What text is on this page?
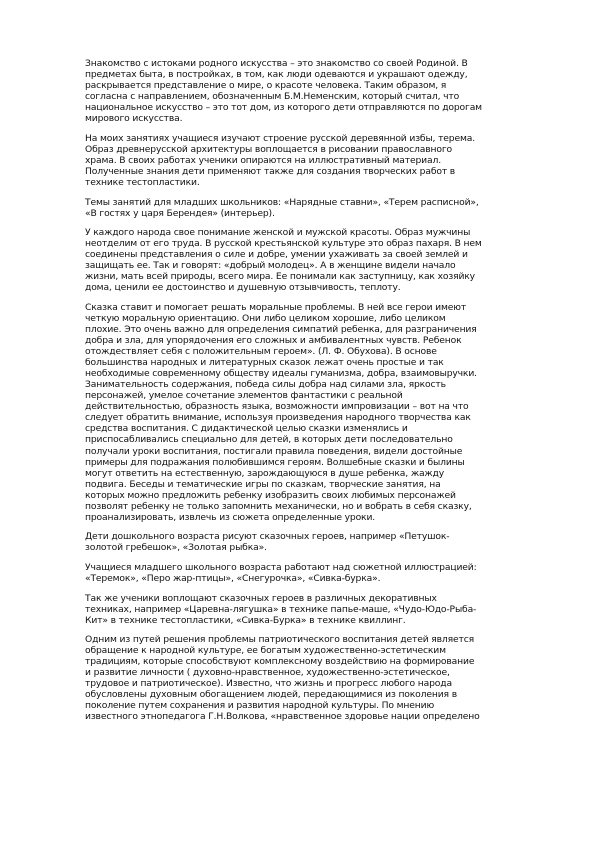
Знакомство с истоками родного искусства – это знакомство со своей Родиной. В
предметах быта, в постройках, в том, как люди одеваются и украшают одежду,
раскрывается представление о мире, о красоте человека. Таким образом, я
согласна с направлением, обозначенным Б.М.Неменским, который считал, что
национальное искусство – это тот дом, из которого дети отправляются по дорогам
мирового искусства.

На моих занятиях учащиеся изучают строение русской деревянной избы, терема.
Образ древнерусской архитектуры воплощается в рисовании православного
храма. В своих работах ученики опираются на иллюстративный материал.
Полученные знания дети применяют также для создания творческих работ в
технике тестопластики.

Темы занятий для младших школьников: «Нарядные ставни», «Терем расписной»,
«В гостях у царя Берендея» (интерьер).

У каждого народа свое понимание женской и мужской красоты. Образ мужчины
неотделим от его труда. В русской крестьянской культуре это образ пахаря. В нем
соединены представления о силе и добре, умении ухаживать за своей землей и
защищать ее. Так и говорят: «добрый молодец». А в женщине видели начало
жизни, мать всей природы, всего мира. Ее понимали как заступницу, как хозяйку
дома, ценили ее достоинство и душевную отзывчивость, теплоту.

Сказка ставит и помогает решать моральные проблемы. В ней все герои имеют
четкую моральную ориентацию. Они либо целиком хорошие, либо целиком
плохие. Это очень важно для определения симпатий ребенка, для разграничения
добра и зла, для упорядочения его сложных и амбивалентных чувств. Ребенок
отождествляет себя с положительным героем». (Л. Ф. Обухова). В основе
большинства народных и литературных сказок лежат очень простые и так
необходимые современному обществу идеалы гуманизма, добра, взаимовыручки.
Занимательность содержания, победа силы добра над силами зла, яркость
персонажей, умелое сочетание элементов фантастики с реальной
действительностью, образность языка, возможности импровизации – вот на что
следует обратить внимание, используя произведения народного творчества как
средства воспитания. С дидактической целью сказки изменялись и
приспосабливались специально для детей, в которых дети последовательно
получали уроки воспитания, постигали правила поведения, видели достойные
примеры для подражания полюбившимся героям. Волшебные сказки и былины
могут ответить на естественную, зарождающуюся в душе ребенка, жажду
подвига. Беседы и тематические игры по сказкам, творческие занятия, на
которых можно предложить ребенку изобразить своих любимых персонажей
позволят ребенку не только запомнить механически, но и вобрать в себя сказку,
проанализировать, извлечь из сюжета определенные уроки.

Дети дошкольного возраста рисуют сказочных героев, например «Петушок-
золотой гребешок», «Золотая рыбка».

Учащиеся младшего школьного возраста работают над сюжетной иллюстрацией:
«Теремок», «Перо жар-птицы», «Снегурочка», «Сивка-бурка».

Так же ученики воплощают сказочных героев в различных декоративных
техниках, например «Царевна-лягушка» в технике папье-маше, «Чудо-Юдо-Рыба-
Кит» в технике тестопластики, «Сивка-Бурка» в технике квиллинг.

Одним из путей решения проблемы патриотического воспитания детей является
обращение к народной культуре, ее богатым художественно-эстетическим
традициям, которые способствуют комплексному воздействию на формирование
и развитие личности ( духовно-нравственное, художественно-эстетическое,
трудовое и патриотическое). Известно, что жизнь и прогресс любого народа
обусловлены духовным обогащением людей, передающимися из поколения в
поколение путем сохранения и развития народной культуры. По мнению
известного этнопедагога Г.Н.Волкова, «нравственное здоровье нации определено
